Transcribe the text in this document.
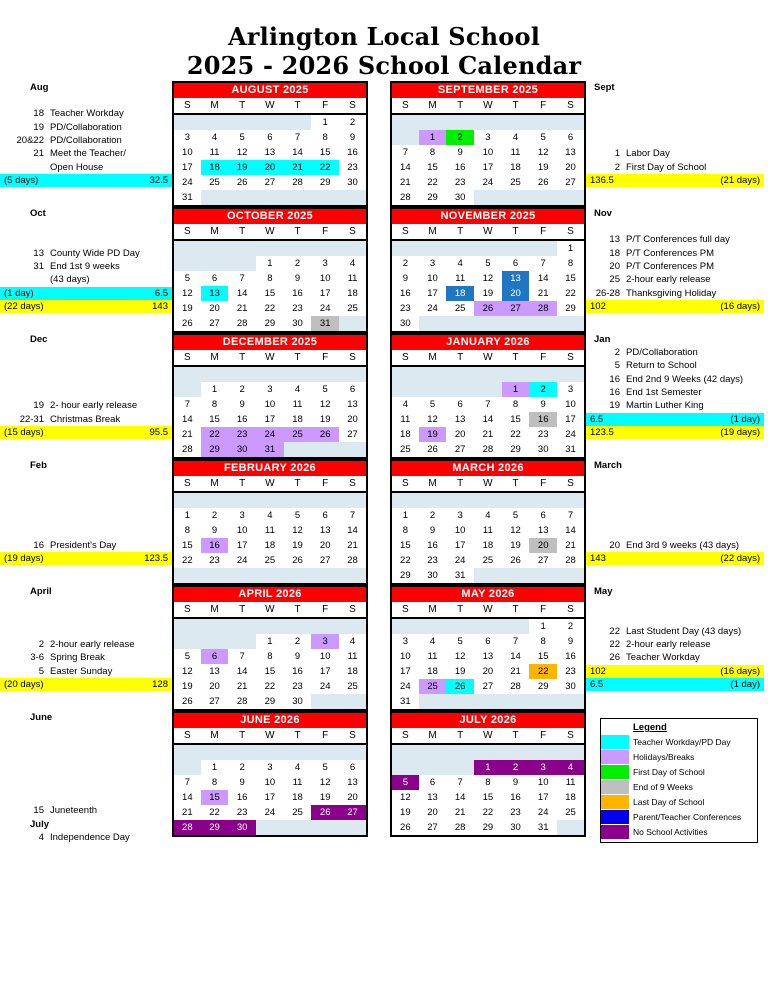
Arlington Local School
2025 - 2026 School Calendar
Aug
18 Teacher Workday
19 PD/Collaboration
20&22 PD/Collaboration
21 Meet the Teacher/
Open House
(5 days)	32.5
AUGUST 2025						
S	M	T	W	T	F	S
					1	2
3	4	5	6	7	8	9
10	11	12	13	14	15	16
17	18	19	20	21	22	23
24	25	26	27	28	29	30
31						
SEPTEMBER 2025						
S	M	T	W	T	F	S

	1	2	3	4	5	6
7	8	9	10	11	12	13
14	15	16	17	18	19	20
21	22	23	24	25	26	27
28	29	30				
Sept
1 Labor Day
2 First Day of School
136.5	(21 days)
Oct
13 County Wide PD Day
31 End 1st 9 weeks
(43 days)
(1 day)	6.5
(22 days)	143
OCTOBER 2025						
S	M	T	W	T	F	S

			1	2	3	4
5	6	7	8	9	10	11
12	13	14	15	16	17	18
19	20	21	22	23	24	25
26	27	28	29	30	31	
NOVEMBER 2025						
S	M	T	W	T	F	S
						1
2	3	4	5	6	7	8
9	10	11	12	13	14	15
16	17	18	19	20	21	22
23	24	25	26	27	28	29
30						
Nov
13 P/T Conferences full day
18 P/T Conferences PM
20 P/T Conferences PM
25 2-hour early release
26-28 Thanksgiving Holiday
102	(16 days)
Dec
19 2- hour early release
22-31 Christmas Break
(15 days)	95.5
DECEMBER 2025						
S	M	T	W	T	F	S

	1	2	3	4	5	6
7	8	9	10	11	12	13
14	15	16	17	18	19	20
21	22	23	24	25	26	27
28	29	30	31			
JANUARY 2026						
S	M	T	W	T	F	S

				1	2	3
4	5	6	7	8	9	10
11	12	13	14	15	16	17
18	19	20	21	22	23	24
25	26	27	28	29	30	31
Jan
2 PD/Collaboration
5 Return to School
16 End 2nd 9 Weeks (42 days)
16 End 1st Semester
19 Martin Luther King
6.5	(1 day)
123.5	(19 days)
Feb
16 President's Day
(19 days)	123.5
FEBRUARY 2026						
S	M	T	W	T	F	S

1	2	3	4	5	6	7
8	9	10	11	12	13	14
15	16	17	18	19	20	21
22	23	24	25	26	27	28

MARCH 2026						
S	M	T	W	T	F	S

1	2	3	4	5	6	7
8	9	10	11	12	13	14
15	16	17	18	19	20	21
22	23	24	25	26	27	28
29	30	31				
March
20 End 3rd 9 weeks (43 days)
143	(22 days)
April
2 2-hour early release
3-6 Spring Break
5 Easter Sunday
(20 days)	128
APRIL 2026						
S	M	T	W	T	F	S

			1	2	3	4
5	6	7	8	9	10	11
12	13	14	15	16	17	18
19	20	21	22	23	24	25
26	27	28	29	30		
MAY 2026						
S	M	T	W	T	F	S
					1	2
3	4	5	6	7	8	9
10	11	12	13	14	15	16
17	18	19	20	21	22	23
24	25	26	27	28	29	30
31						
May
22 Last Student Day (43 days)
22 2-hour early release
26 Teacher Workday
102	(16 days)
6.5	(1 day)
June
15 Juneteenth
July
4 Independence Day
JUNE 2026						
S	M	T	W	T	F	S

	1	2	3	4	5	6
7	8	9	10	11	12	13
14	15	16	17	18	19	20
21	22	23	24	25	26	27
28	29	30				
JULY 2026						
S	M	T	W	T	F	S

			1	2	3	4
5	6	7	8	9	10	11
12	13	14	15	16	17	18
19	20	21	22	23	24	25
26	27	28	29	30	31	
Legend
Teacher Workday/PD Day
Holidays/Breaks
First Day of School
End of 9 Weeks
Last Day of School
Parent/Teacher Conferences
No School Activities
